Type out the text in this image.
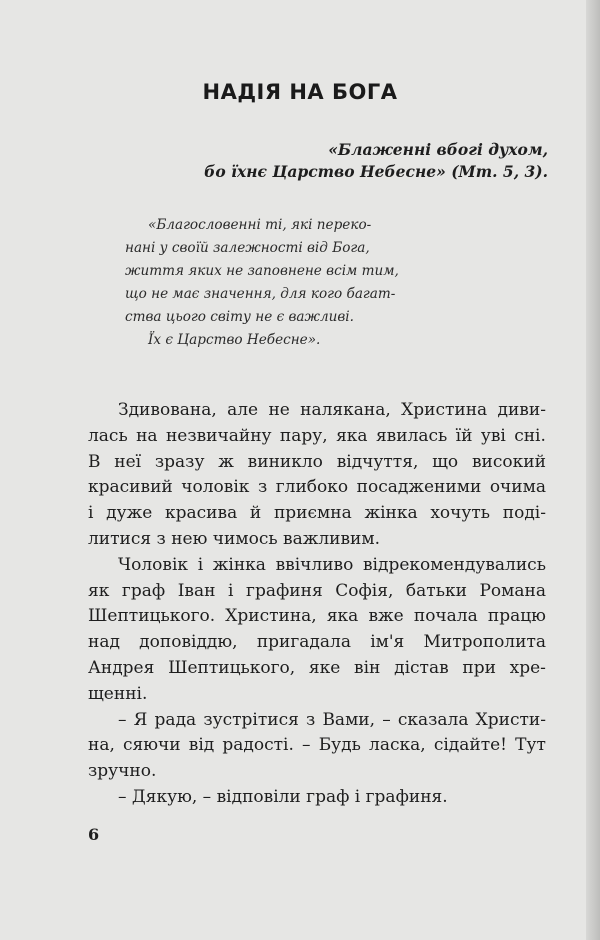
НАДІЯ НА БОГА
«Блаженні вбогі духом,
бо їхнє Царство Небесне» (Мт. 5, 3).
«Благословенні ті, які переко-
нані у своїй залежності від Бога,
життя яких не заповнене всім тим,
що не має значення, для кого багат-
ства цього світу не є важливі.
Їх є Царство Небесне».
Здивована, але не налякана, Христина диви-
лась на незвичайну пару, яка явилась їй уві сні.
В неї зразу ж виникло відчуття, що високий
красивий чоловік з глибоко посадженими очима
і дуже красива й приємна жінка хочуть поді-
литися з нею чимось важливим.
Чоловік і жінка ввічливо відрекомендувались
як граф Іван і графиня Софія, батьки Романа
Шептицького. Христина, яка вже почала працю
над доповіддю, пригадала ім'я Митрополита
Андрея Шептицького, яке він дістав при хре-
щенні.
– Я рада зустрітися з Вами, – сказала Христи-
на, сяючи від радості. – Будь ласка, сідайте! Тут
зручно.
– Дякую, – відповіли граф і графиня.
6
